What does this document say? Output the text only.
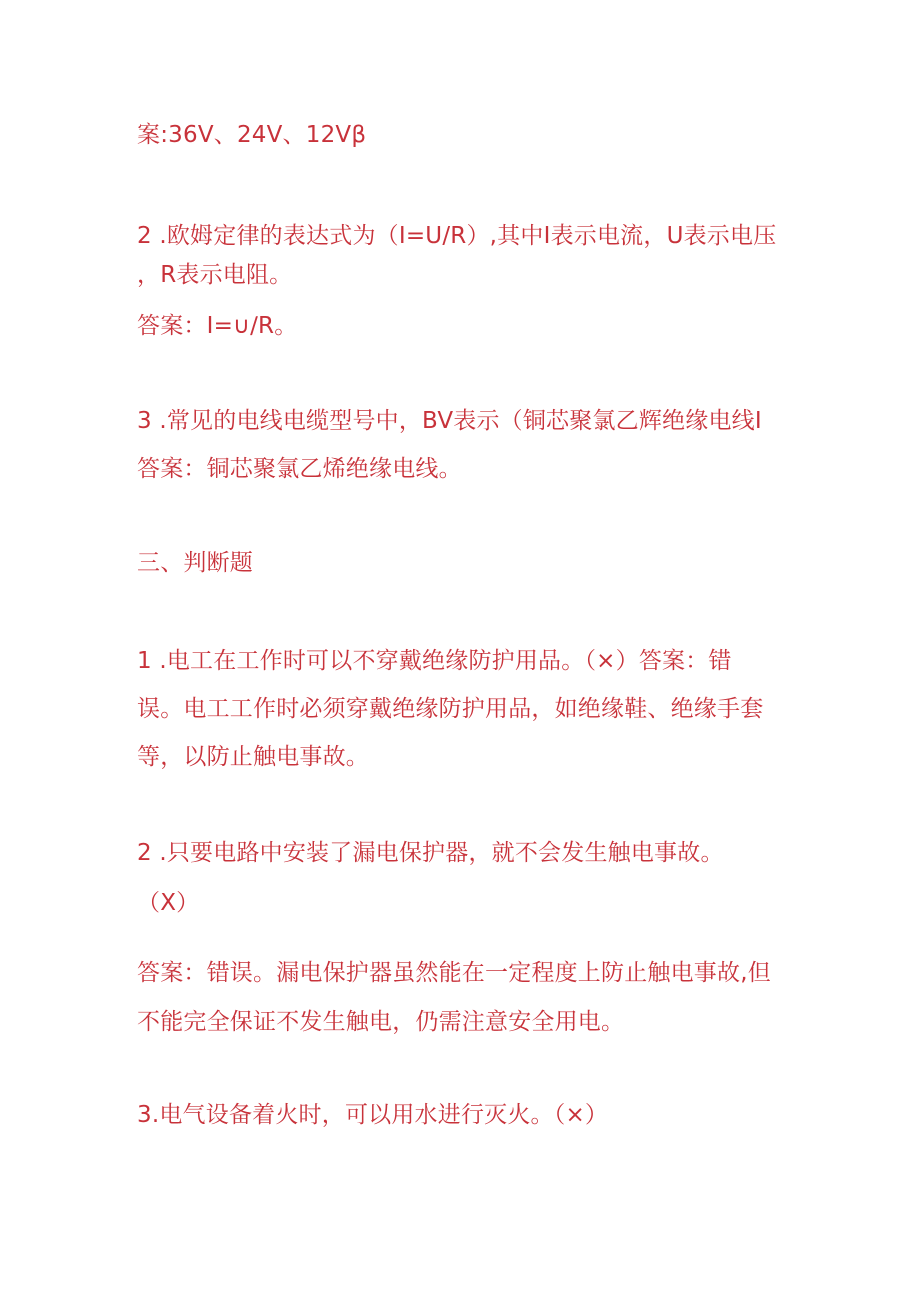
案:36V、24V、12Vβ
2 .欧姆定律的表达式为（I=U/R）,其中I表示电流，U表示电压
，R表示电阻。
答案：I=∪∕R。
3 .常见的电线电缆型号中，BV表示（铜芯聚氯乙辉绝缘电线I
答案：铜芯聚氯乙烯绝缘电线。
三、判断题
1 .电工在工作时可以不穿戴绝缘防护用品。（×）答案：错
误。电工工作时必须穿戴绝缘防护用品，如绝缘鞋、绝缘手套
等，以防止触电事故。
2 .只要电路中安装了漏电保护器，就不会发生触电事故。
（X）
答案：错误。漏电保护器虽然能在一定程度上防止触电事故,但
不能完全保证不发生触电，仍需注意安全用电。
3.电气设备着火时，可以用水进行灭火。（×）
